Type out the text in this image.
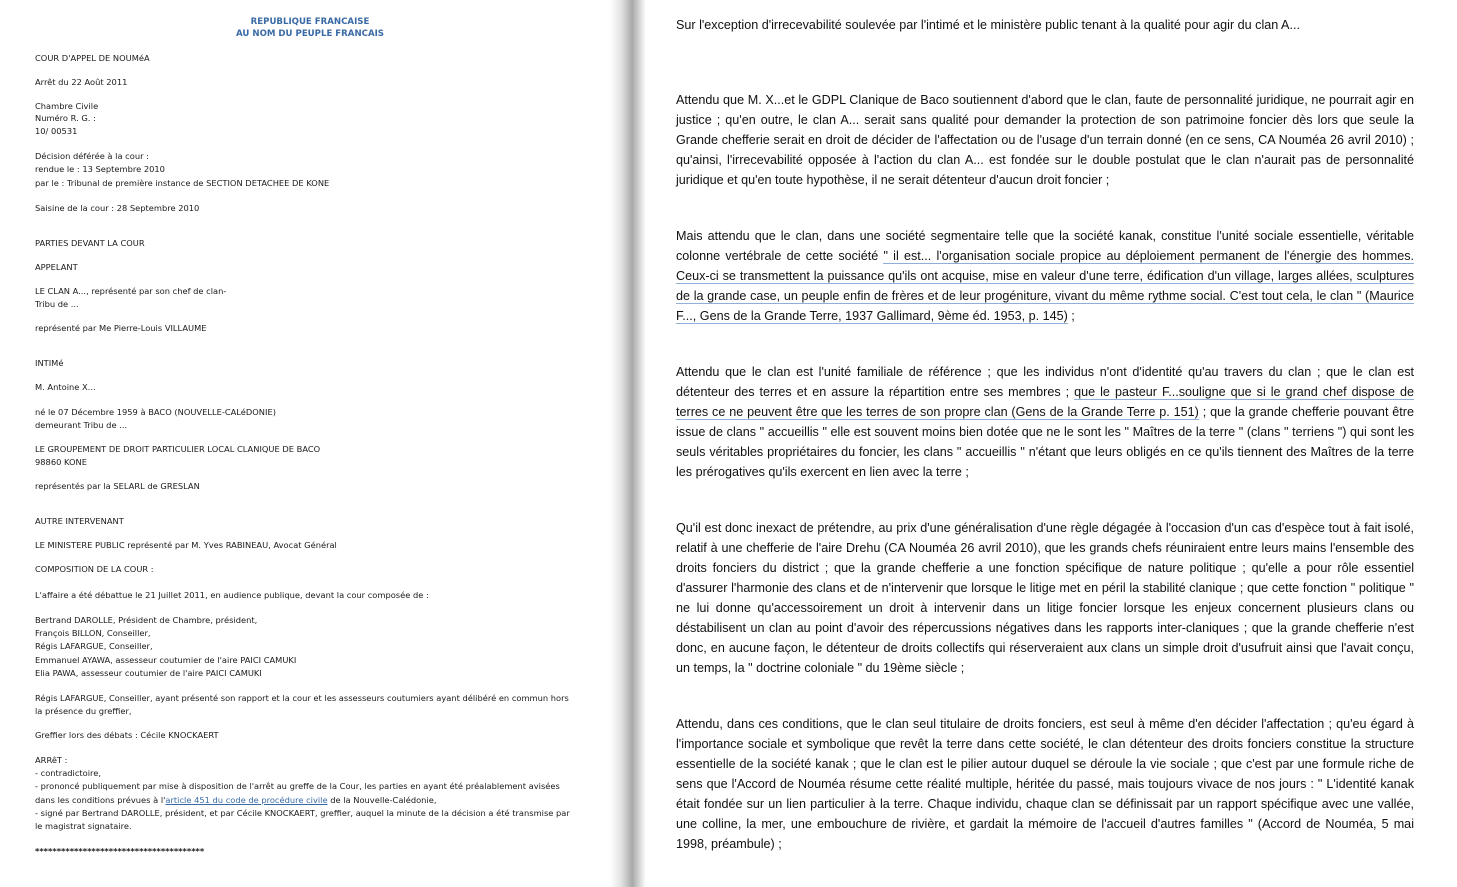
REPUBLIQUE FRANCAISE
AU NOM DU PEUPLE FRANCAIS
COUR D'APPEL DE NOUMéA
Arrêt du 22 Août 2011
Chambre Civile
Numéro R. G. :
10/ 00531
Décision déférée à la cour :
rendue le : 13 Septembre 2010
par le : Tribunal de première instance de SECTION DETACHEE DE KONE
Saisine de la cour : 28 Septembre 2010
PARTIES DEVANT LA COUR
APPELANT
LE CLAN A..., représenté par son chef de clan-
Tribu de ...
représenté par Me Pierre-Louis VILLAUME
INTIMé
M. Antoine X...
né le 07 Décembre 1959 à BACO (NOUVELLE-CALéDONIE)
demeurant Tribu de ...
LE GROUPEMENT DE DROIT PARTICULIER LOCAL CLANIQUE DE BACO
98860 KONE
représentés par la SELARL de GRESLAN
AUTRE INTERVENANT
LE MINISTERE PUBLIC représenté par M. Yves RABINEAU, Avocat Général
COMPOSITION DE LA COUR :
L'affaire a été débattue le 21 Juillet 2011, en audience publique, devant la cour composée de :
Bertrand DAROLLE, Président de Chambre, président,
François BILLON, Conseiller,
Régis LAFARGUE, Conseiller,
Emmanuel AYAWA, assesseur coutumier de l'aire PAICI CAMUKI
Elia PAWA, assesseur coutumier de l'aire PAICI CAMUKI
Régis LAFARGUE, Conseiller, ayant présenté son rapport et la cour et les assesseurs coutumiers ayant délibéré en commun hors
la présence du greffier,
Greffier lors des débats : Cécile KNOCKAERT
ARRêT :
- contradictoire,
- prononcé publiquement par mise à disposition de l'arrêt au greffe de la Cour, les parties en ayant été préalablement avisées
dans les conditions prévues à l'article 451 du code de procédure civile de la Nouvelle-Calédonie,
- signé par Bertrand DAROLLE, président, et par Cécile KNOCKAERT, greffier, auquel la minute de la décision a été transmise par
le magistrat signataire.
***************************************

Sur l'exception d'irrecevabilité soulevée par l'intimé et le ministère public tenant à la qualité pour agir du clan A...

Attendu que M. X...et le GDPL Clanique de Baco soutiennent d'abord que le clan, faute de personnalité juridique, ne pourrait agir en justice ; qu'en outre, le clan A... serait sans qualité pour demander la protection de son patrimoine foncier dès lors que seule la Grande chefferie serait en droit de décider de l'affectation ou de l'usage d'un terrain donné (en ce sens, CA Nouméa 26 avril 2010) ; qu'ainsi, l'irrecevabilité opposée à l'action du clan A... est fondée sur le double postulat que le clan n'aurait pas de personnalité juridique et qu'en toute hypothèse, il ne serait détenteur d'aucun droit foncier ;

Mais attendu que le clan, dans une société segmentaire telle que la société kanak, constitue l'unité sociale essentielle, véritable colonne vertébrale de cette société " il est... l'organisation sociale propice au déploiement permanent de l'énergie des hommes. Ceux-ci se transmettent la puissance qu'ils ont acquise, mise en valeur d'une terre, édification d'un village, larges allées, sculptures de la grande case, un peuple enfin de frères et de leur progéniture, vivant du même rythme social. C'est tout cela, le clan " (Maurice F..., Gens de la Grande Terre, 1937 Gallimard, 9ème éd. 1953, p. 145) ;

Attendu que le clan est l'unité familiale de référence ; que les individus n'ont d'identité qu'au travers du clan ; que le clan est détenteur des terres et en assure la répartition entre ses membres ; que le pasteur F...souligne que si le grand chef dispose de terres ce ne peuvent être que les terres de son propre clan (Gens de la Grande Terre p. 151) ; que la grande chefferie pouvant être issue de clans " accueillis " elle est souvent moins bien dotée que ne le sont les " Maîtres de la terre " (clans " terriens ") qui sont les seuls véritables propriétaires du foncier, les clans " accueillis " n'étant que leurs obligés en ce qu'ils tiennent des Maîtres de la terre les prérogatives qu'ils exercent en lien avec la terre ;

Qu'il est donc inexact de prétendre, au prix d'une généralisation d'une règle dégagée à l'occasion d'un cas d'espèce tout à fait isolé, relatif à une chefferie de l'aire Drehu (CA Nouméa 26 avril 2010), que les grands chefs réuniraient entre leurs mains l'ensemble des droits fonciers du district ; que la grande chefferie a une fonction spécifique de nature politique ; qu'elle a pour rôle essentiel d'assurer l'harmonie des clans et de n'intervenir que lorsque le litige met en péril la stabilité clanique ; que cette fonction " politique " ne lui donne qu'accessoirement un droit à intervenir dans un litige foncier lorsque les enjeux concernent plusieurs clans ou déstabilisent un clan au point d'avoir des répercussions négatives dans les rapports inter-claniques ; que la grande chefferie n'est donc, en aucune façon, le détenteur de droits collectifs qui réserveraient aux clans un simple droit d'usufruit ainsi que l'avait conçu, un temps, la " doctrine coloniale " du 19ème siècle ;

Attendu, dans ces conditions, que le clan seul titulaire de droits fonciers, est seul à même d'en décider l'affectation ; qu'eu égard à l'importance sociale et symbolique que revêt la terre dans cette société, le clan détenteur des droits fonciers constitue la structure essentielle de la société kanak ; que le clan est le pilier autour duquel se déroule la vie sociale ; que c'est par une formule riche de sens que l'Accord de Nouméa résume cette réalité multiple, héritée du passé, mais toujours vivace de nos jours : " L'identité kanak était fondée sur un lien particulier à la terre. Chaque individu, chaque clan se définissait par un rapport spécifique avec une vallée, une colline, la mer, une embouchure de rivière, et gardait la mémoire de l'accueil d'autres familles " (Accord de Nouméa, 5 mai 1998, préambule) ;
